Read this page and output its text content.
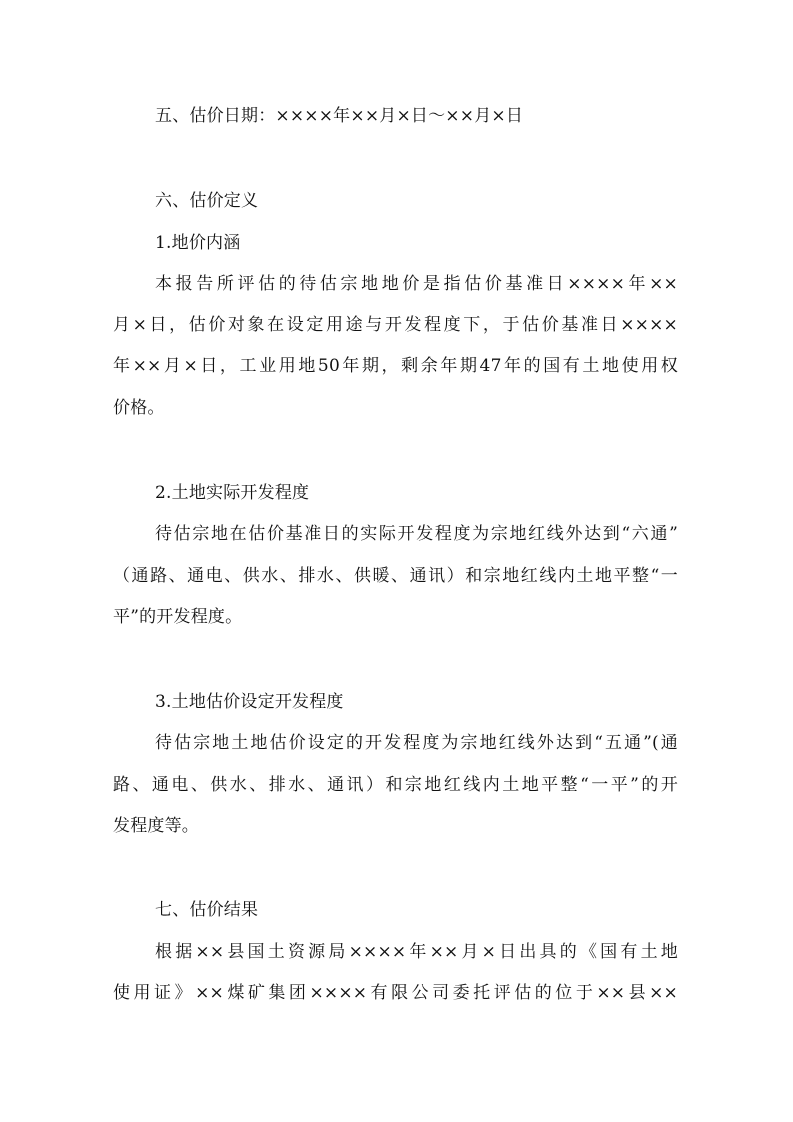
五、估价日期：××××年××月×日～××月×日
六、估价定义
1.地价内涵
本报告所评估的待估宗地地价是指估价基准日××××年××
月×日，估价对象在设定用途与开发程度下，于估价基准日××××
年××月×日，工业用地50年期，剩余年期47年的国有土地使用权
价格。
2.土地实际开发程度
待估宗地在估价基准日的实际开发程度为宗地红线外达到“六通”
（通路、通电、供水、排水、供暖、通讯）和宗地红线内土地平整“一
平”的开发程度。
3.土地估价设定开发程度
待估宗地土地估价设定的开发程度为宗地红线外达到“五通”(通
路、通电、供水、排水、通讯）和宗地红线内土地平整“一平”的开
发程度等。
七、估价结果
根据××县国土资源局××××年××月×日出具的《国有土地
使用证》××煤矿集团××××有限公司委托评估的位于××县××
